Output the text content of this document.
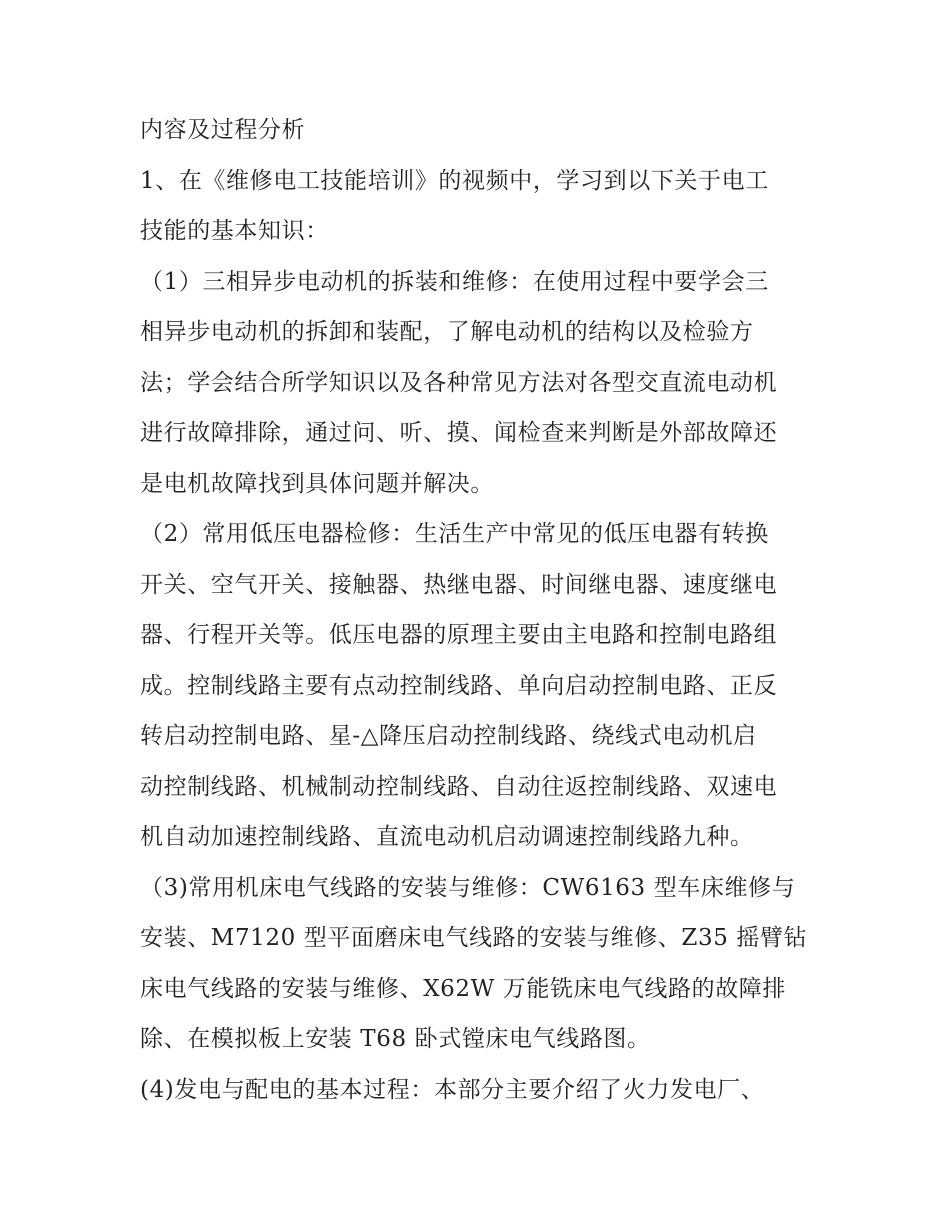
内容及过程分析
1、在《维修电工技能培训》的视频中，学习到以下关于电工
技能的基本知识：
（1）三相异步电动机的拆装和维修：在使用过程中要学会三
相异步电动机的拆卸和装配，了解电动机的结构以及检验方
法；学会结合所学知识以及各种常见方法对各型交直流电动机
进行故障排除，通过问、听、摸、闻检查来判断是外部故障还
是电机故障找到具体问题并解决。
（2）常用低压电器检修：生活生产中常见的低压电器有转换
开关、空气开关、接触器、热继电器、时间继电器、速度继电
器、行程开关等。低压电器的原理主要由主电路和控制电路组
成。控制线路主要有点动控制线路、单向启动控制电路、正反
转启动控制电路、星-△降压启动控制线路、绕线式电动机启
动控制线路、机械制动控制线路、自动往返控制线路、双速电
机自动加速控制线路、直流电动机启动调速控制线路九种。
（3)常用机床电气线路的安装与维修：CW6163 型车床维修与
安装、M7120 型平面磨床电气线路的安装与维修、Z35 摇臂钻
床电气线路的安装与维修、X62W 万能铣床电气线路的故障排
除、在模拟板上安装 T68 卧式镗床电气线路图。
(4)发电与配电的基本过程：本部分主要介绍了火力发电厂、
